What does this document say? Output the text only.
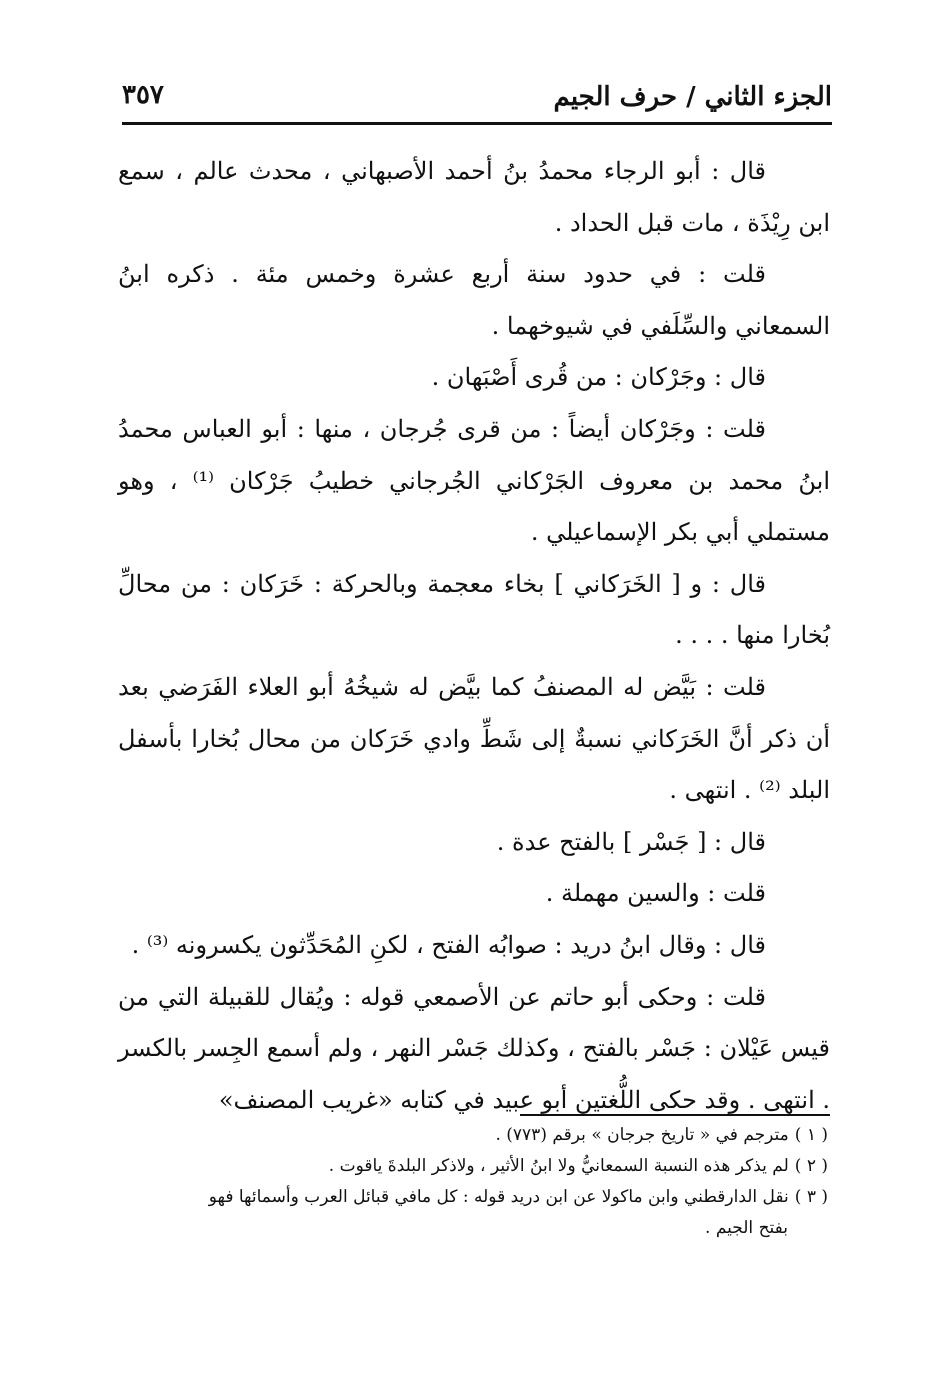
الجزء الثاني / حرف الجيم
٣٥٧

قال : أبو الرجاء محمدُ بنُ أحمد الأصبهاني ، محدث عالم ، سمع ابن رِيْذَة ، مات قبل الحداد .

قلت : في حدود سنة أربع عشرة وخمس مئة . ذكره ابنُ السمعاني والسِّلَفي في شيوخهما .

قال : وجَرْكان : من قُرى أَصْبَهان .

قلت : وجَرْكان أيضاً : من قرى جُرجان ، منها : أبو العباس محمدُ ابنُ محمد بن معروف الجَرْكاني الجُرجاني خطيبُ جَرْكان ⁽¹⁾ ، وهو مستملي أبي بكر الإسماعيلي .

قال : و [ الخَرَكاني ] بخاء معجمة وبالحركة : خَرَكان : من محالِّ بُخارا منها . . . .

قلت : بَيَّض له المصنفُ كما بيَّض له شيخُهُ أبو العلاء الفَرَضي بعد أن ذكر أنَّ الخَرَكاني نسبةٌ إلى شَطِّ وادي خَرَكان من محال بُخارا بأسفل البلد ⁽²⁾ . انتهى .

قال : [ جَسْر ] بالفتح عدة .

قلت : والسين مهملة .

قال : وقال ابنُ دريد : صوابُه الفتح ، لكنِ المُحَدِّثون يكسرونه ⁽³⁾ .

قلت : وحكى أبو حاتم عن الأصمعي قوله : ويُقال للقبيلة التي من قيس عَيْلان : جَسْر بالفتح ، وكذلك جَسْر النهر ، ولم أسمع الجِسر بالكسر . انتهى . وقد حكى اللُّغتين أبو عبيد في كتابه «غريب المصنف»

( ١ )مترجم في « تاريخ جرجان » برقم (٧٧٣) .

( ٢ )لم يذكر هذه النسبة السمعانيُّ ولا ابنُ الأثير ، ولاذكر البلدةَ ياقوت .

( ٣ )نقل الدارقطني وابن ماكولا عن ابن دريد قوله : كل مافي قبائل العرب وأسمائها فهو

بفتح الجيم .
